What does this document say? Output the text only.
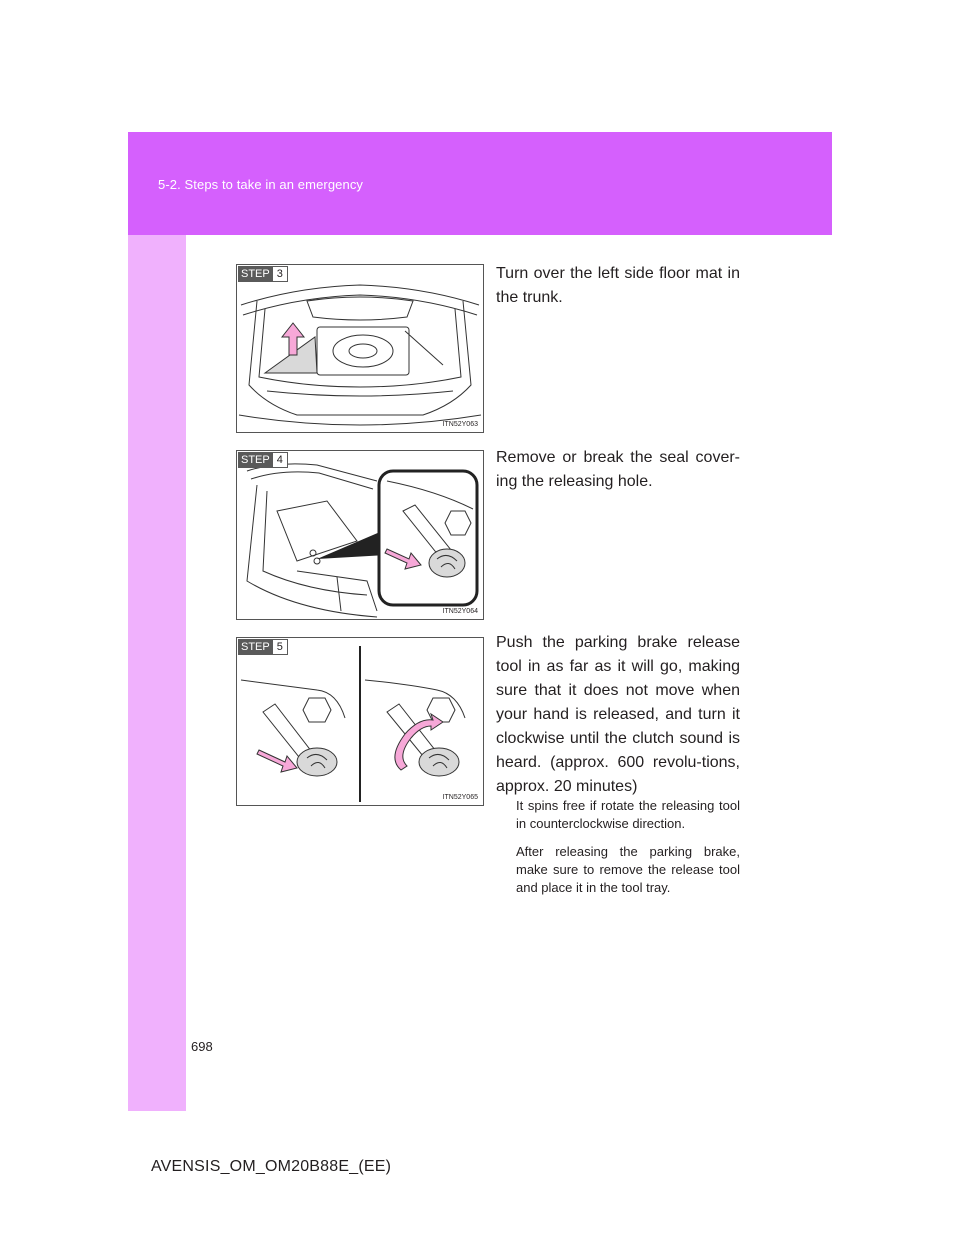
5-2. Steps to take in an emergency
STEP 3
ITN52Y063
Turn over the left side floor mat in the trunk.
STEP 4
ITN52Y064
Remove or break the seal cover-ing the releasing hole.
STEP 5
ITN52Y065
Push the parking brake release tool in as far as it will go, making sure that it does not move when your hand is released, and turn it clockwise until the clutch sound is heard. (approx. 600 revolu-tions, approx. 20 minutes)
It spins free if rotate the releasing tool in counterclockwise direction.
After releasing the parking brake, make sure to remove the release tool and place it in the tool tray.
698
AVENSIS_OM_OM20B88E_(EE)
